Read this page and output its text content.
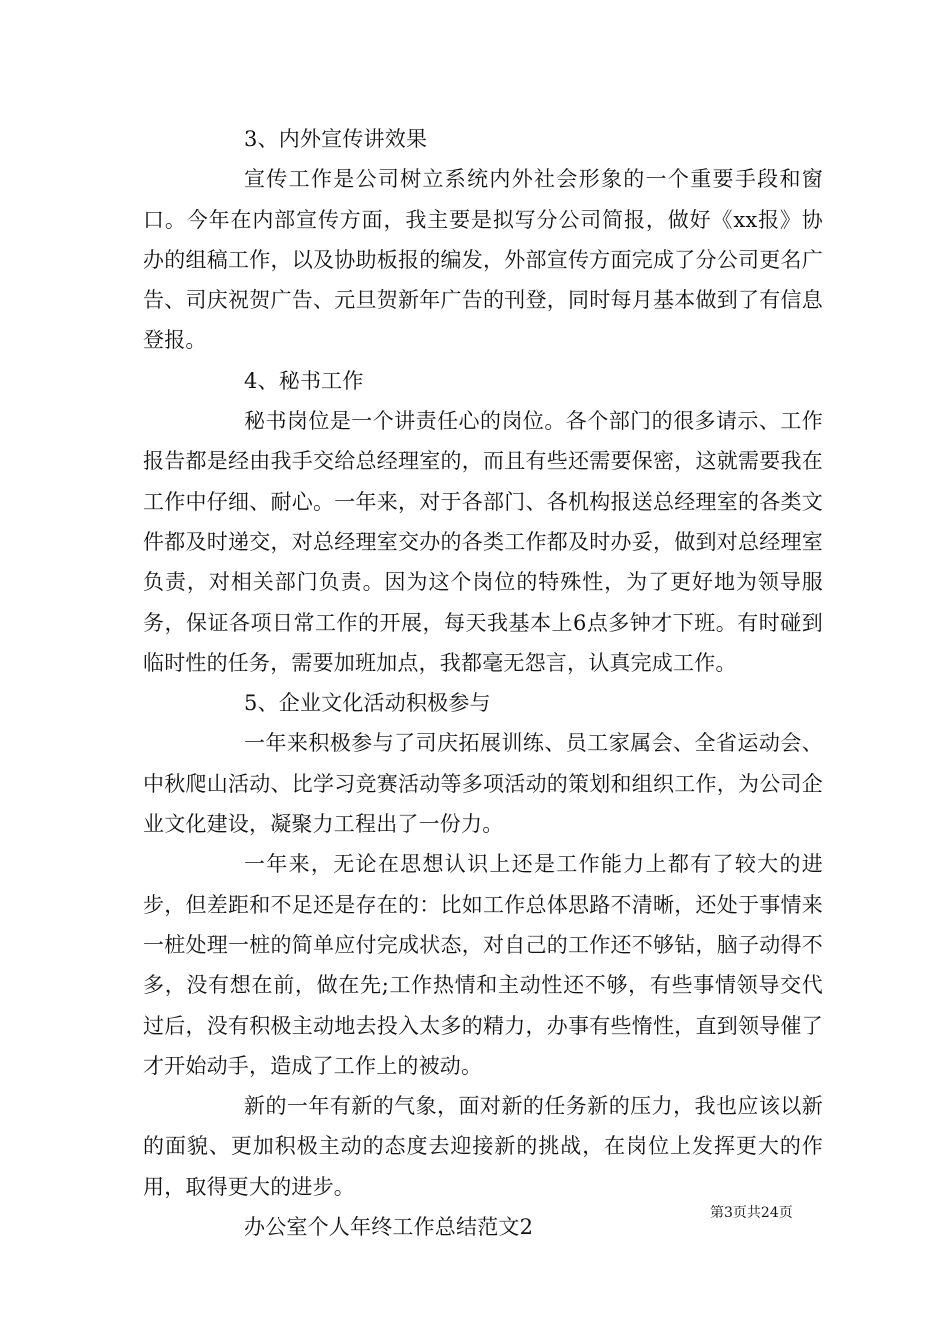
3、内外宣传讲效果

宣传工作是公司树立系统内外社会形象的一个重要手段和窗口。今年在内部宣传方面，我主要是拟写分公司简报，做好《xx报》协办的组稿工作，以及协助板报的编发，外部宣传方面完成了分公司更名广告、司庆祝贺广告、元旦贺新年广告的刊登，同时每月基本做到了有信息登报。

4、秘书工作

秘书岗位是一个讲责任心的岗位。各个部门的很多请示、工作报告都是经由我手交给总经理室的，而且有些还需要保密，这就需要我在工作中仔细、耐心。一年来，对于各部门、各机构报送总经理室的各类文件都及时递交，对总经理室交办的各类工作都及时办妥，做到对总经理室负责，对相关部门负责。因为这个岗位的特殊性，为了更好地为领导服务，保证各项日常工作的开展，每天我基本上6点多钟才下班。有时碰到临时性的任务，需要加班加点，我都毫无怨言，认真完成工作。

5、企业文化活动积极参与

一年来积极参与了司庆拓展训练、员工家属会、全省运动会、中秋爬山活动、比学习竞赛活动等多项活动的策划和组织工作，为公司企业文化建设，凝聚力工程出了一份力。

一年来，无论在思想认识上还是工作能力上都有了较大的进步，但差距和不足还是存在的：比如工作总体思路不清晰，还处于事情来一桩处理一桩的简单应付完成状态，对自己的工作还不够钻，脑子动得不多，没有想在前，做在先;工作热情和主动性还不够，有些事情领导交代过后，没有积极主动地去投入太多的精力，办事有些惰性，直到领导催了才开始动手，造成了工作上的被动。

新的一年有新的气象，面对新的任务新的压力，我也应该以新的面貌、更加积极主动的态度去迎接新的挑战，在岗位上发挥更大的作用，取得更大的进步。

办公室个人年终工作总结范文2

第3页共24页
